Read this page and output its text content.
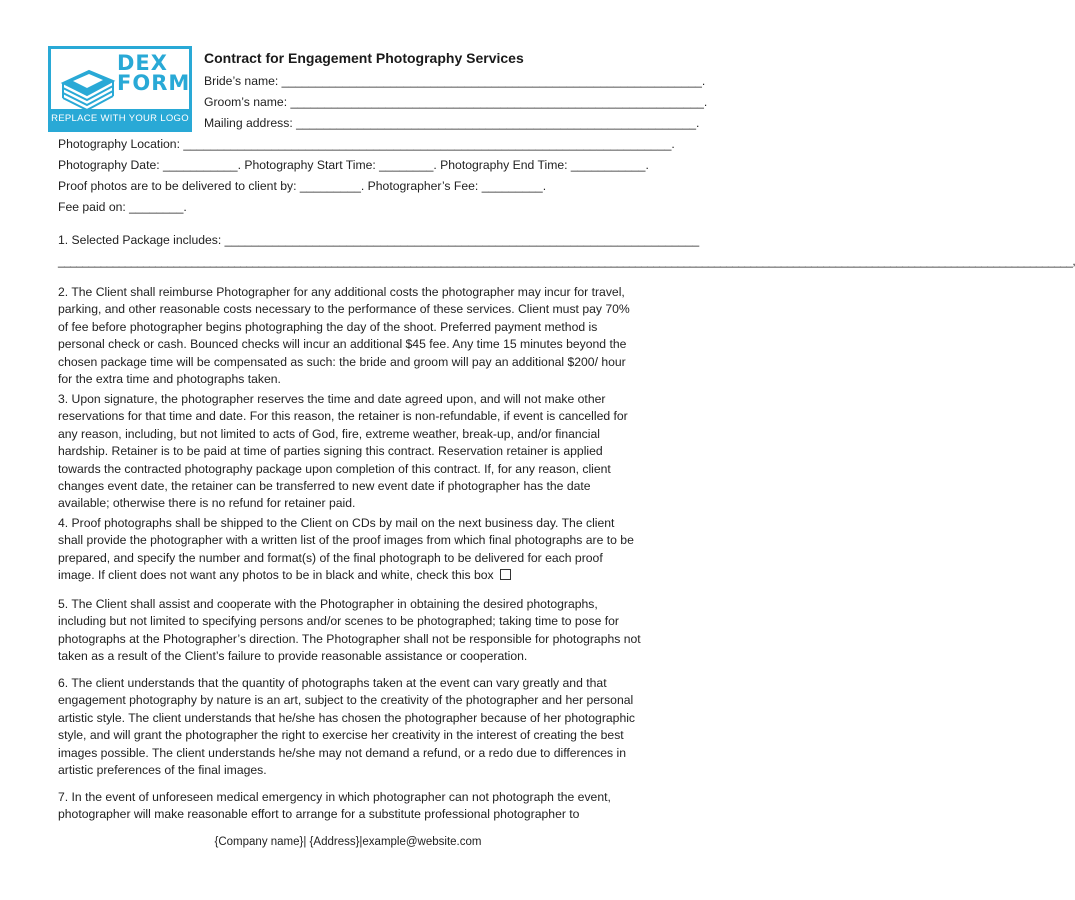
DEX
FORM
REPLACE WITH YOUR LOGO
Contract for Engagement Photography Services
Bride’s name: ______________________________________________________________.
Groom’s name: _____________________________________________________________.
Mailing address: ___________________________________________________________.
Photography Location: ________________________________________________________________________.
Photography Date: ___________. Photography Start Time: ________. Photography End Time: ___________.
Proof photos are to be delivered to client by: _________. Photographer’s Fee: _________.
Fee paid on: ________.
1. Selected Package includes: ______________________________________________________________________
_______________________________________________________________________________________________________________________________________________________________________,
2. The Client shall reimburse Photographer for any additional costs the photographer may incur for travel, parking, and other reasonable costs necessary to the performance of these services. Client must pay 70% of fee before photographer begins photographing the day of the shoot. Preferred payment method is personal check or cash. Bounced checks will incur an additional $45 fee. Any time 15 minutes beyond the chosen package time will be compensated as such: the bride and groom will pay an additional $200/ hour for the extra time and photographs taken.
3. Upon signature, the photographer reserves the time and date agreed upon, and will not make other reservations for that time and date. For this reason, the retainer is non-refundable, if event is cancelled for any reason, including, but not limited to acts of God, fire, extreme weather, break-up, and/or financial hardship. Retainer is to be paid at time of parties signing this contract. Reservation retainer is applied towards the contracted photography package upon completion of this contract. If, for any reason, client changes event date, the retainer can be transferred to new event date if photographer has the date available; otherwise there is no refund for retainer paid.
4. Proof photographs shall be shipped to the Client on CDs by mail on the next business day. The client shall provide the photographer with a written list of the proof images from which final photographs are to be prepared, and specify the number and format(s) of the final photograph to be delivered for each proof image. If client does not want any photos to be in black and white, check this box
5. The Client shall assist and cooperate with the Photographer in obtaining the desired photographs, including but not limited to specifying persons and/or scenes to be photographed; taking time to pose for photographs at the Photographer’s direction. The Photographer shall not be responsible for photographs not taken as a result of the Client’s failure to provide reasonable assistance or cooperation.
6. The client understands that the quantity of photographs taken at the event can vary greatly and that engagement photography by nature is an art, subject to the creativity of the photographer and her personal artistic style. The client understands that he/she has chosen the photographer because of her photographic style, and will grant the photographer the right to exercise her creativity in the interest of creating the best images possible. The client understands he/she may not demand a refund, or a redo due to differences in artistic preferences of the final images.
7. In the event of unforeseen medical emergency in which photographer can not photograph the event, photographer will make reasonable effort to arrange for a substitute professional photographer to
{Company name}| {Address}|example@website.com
